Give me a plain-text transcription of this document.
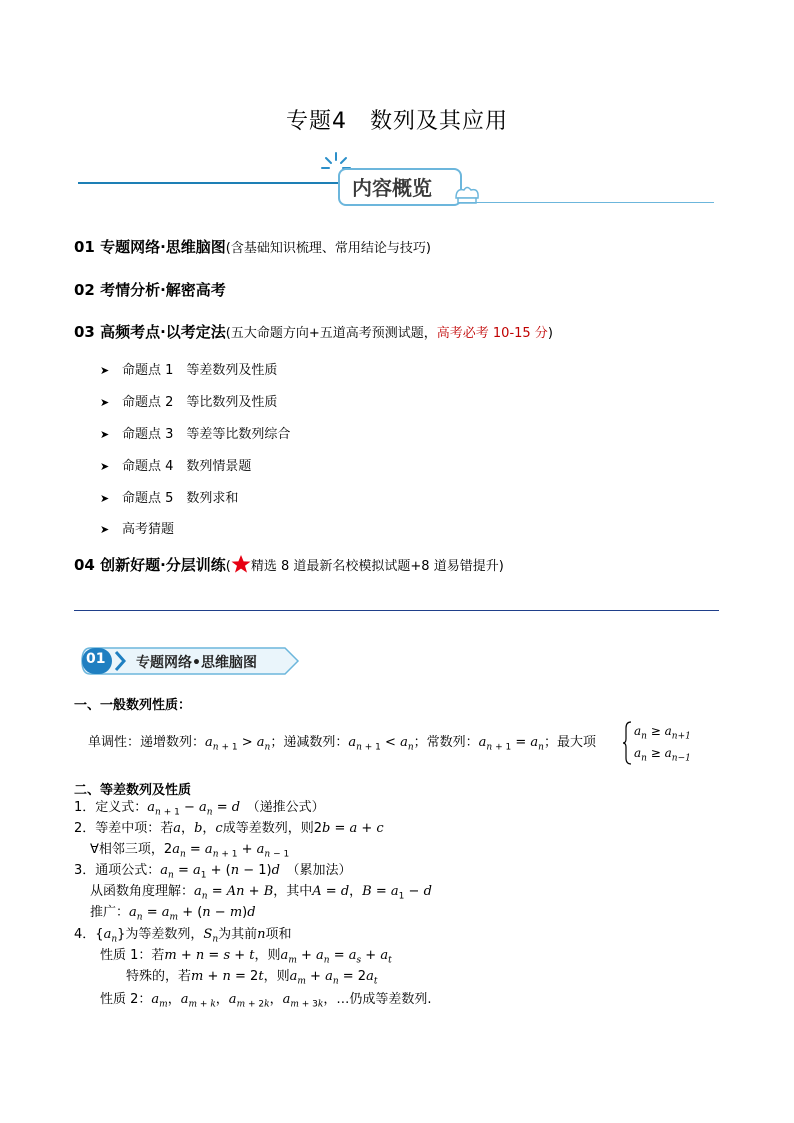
专题4　数列及其应用
内容概览
01 专题网络·思维脑图(含基础知识梳理、常用结论与技巧)
02 考情分析·解密高考
03 高频考点·以考定法(五大命题方向+五道高考预测试题，高考必考 10-15 分)
➤ 命题点 1　等差数列及性质
➤ 命题点 2　等比数列及性质
➤ 命题点 3　等差等比数列综合
➤ 命题点 4　数列情景题
➤ 命题点 5　数列求和
➤ 高考猜题
04 创新好题·分层训练( 精选 8 道最新名校模拟试题+8 道易错提升)
01 专题网络•思维脑图
一、一般数列性质：
单调性：递增数列：$a_{n + 1} > a_n$；递减数列：$a_{n + 1} < a_n$；常数列：$a_{n + 1} = a_n$；最大项
$a_n \ge a_{n+1}$
$a_n \ge a_{n-1}$
二、等差数列及性质
1．定义式：$a_{n + 1} - a_n = d$　 （递推公式）
2．等差中项：若a，b，c成等差数列，则2b = a + c
∀相邻三项，$2a_n = a_{n + 1} + a_{n - 1}$
3．通项公式：$a_n = a_1 + (n - 1)d$　 （累加法）
从函数角度理解：$a_n = An + B$，其中A = d，$B = a_1 - d$
推广：$a_n = a_m + (n - m)d$
4．$\{a_n\}$为等差数列，$S_n$为其前n项和
性质 1：若m + n = s + t，则$a_m + a_n = a_s + a_t$
特殊的，若m + n = 2t，则$a_m + a_n = 2a_t$
性质 2：$a_m$，$a_{m + k}$，$a_{m + 2k}$，$a_{m + 3k}$，…仍成等差数列.
